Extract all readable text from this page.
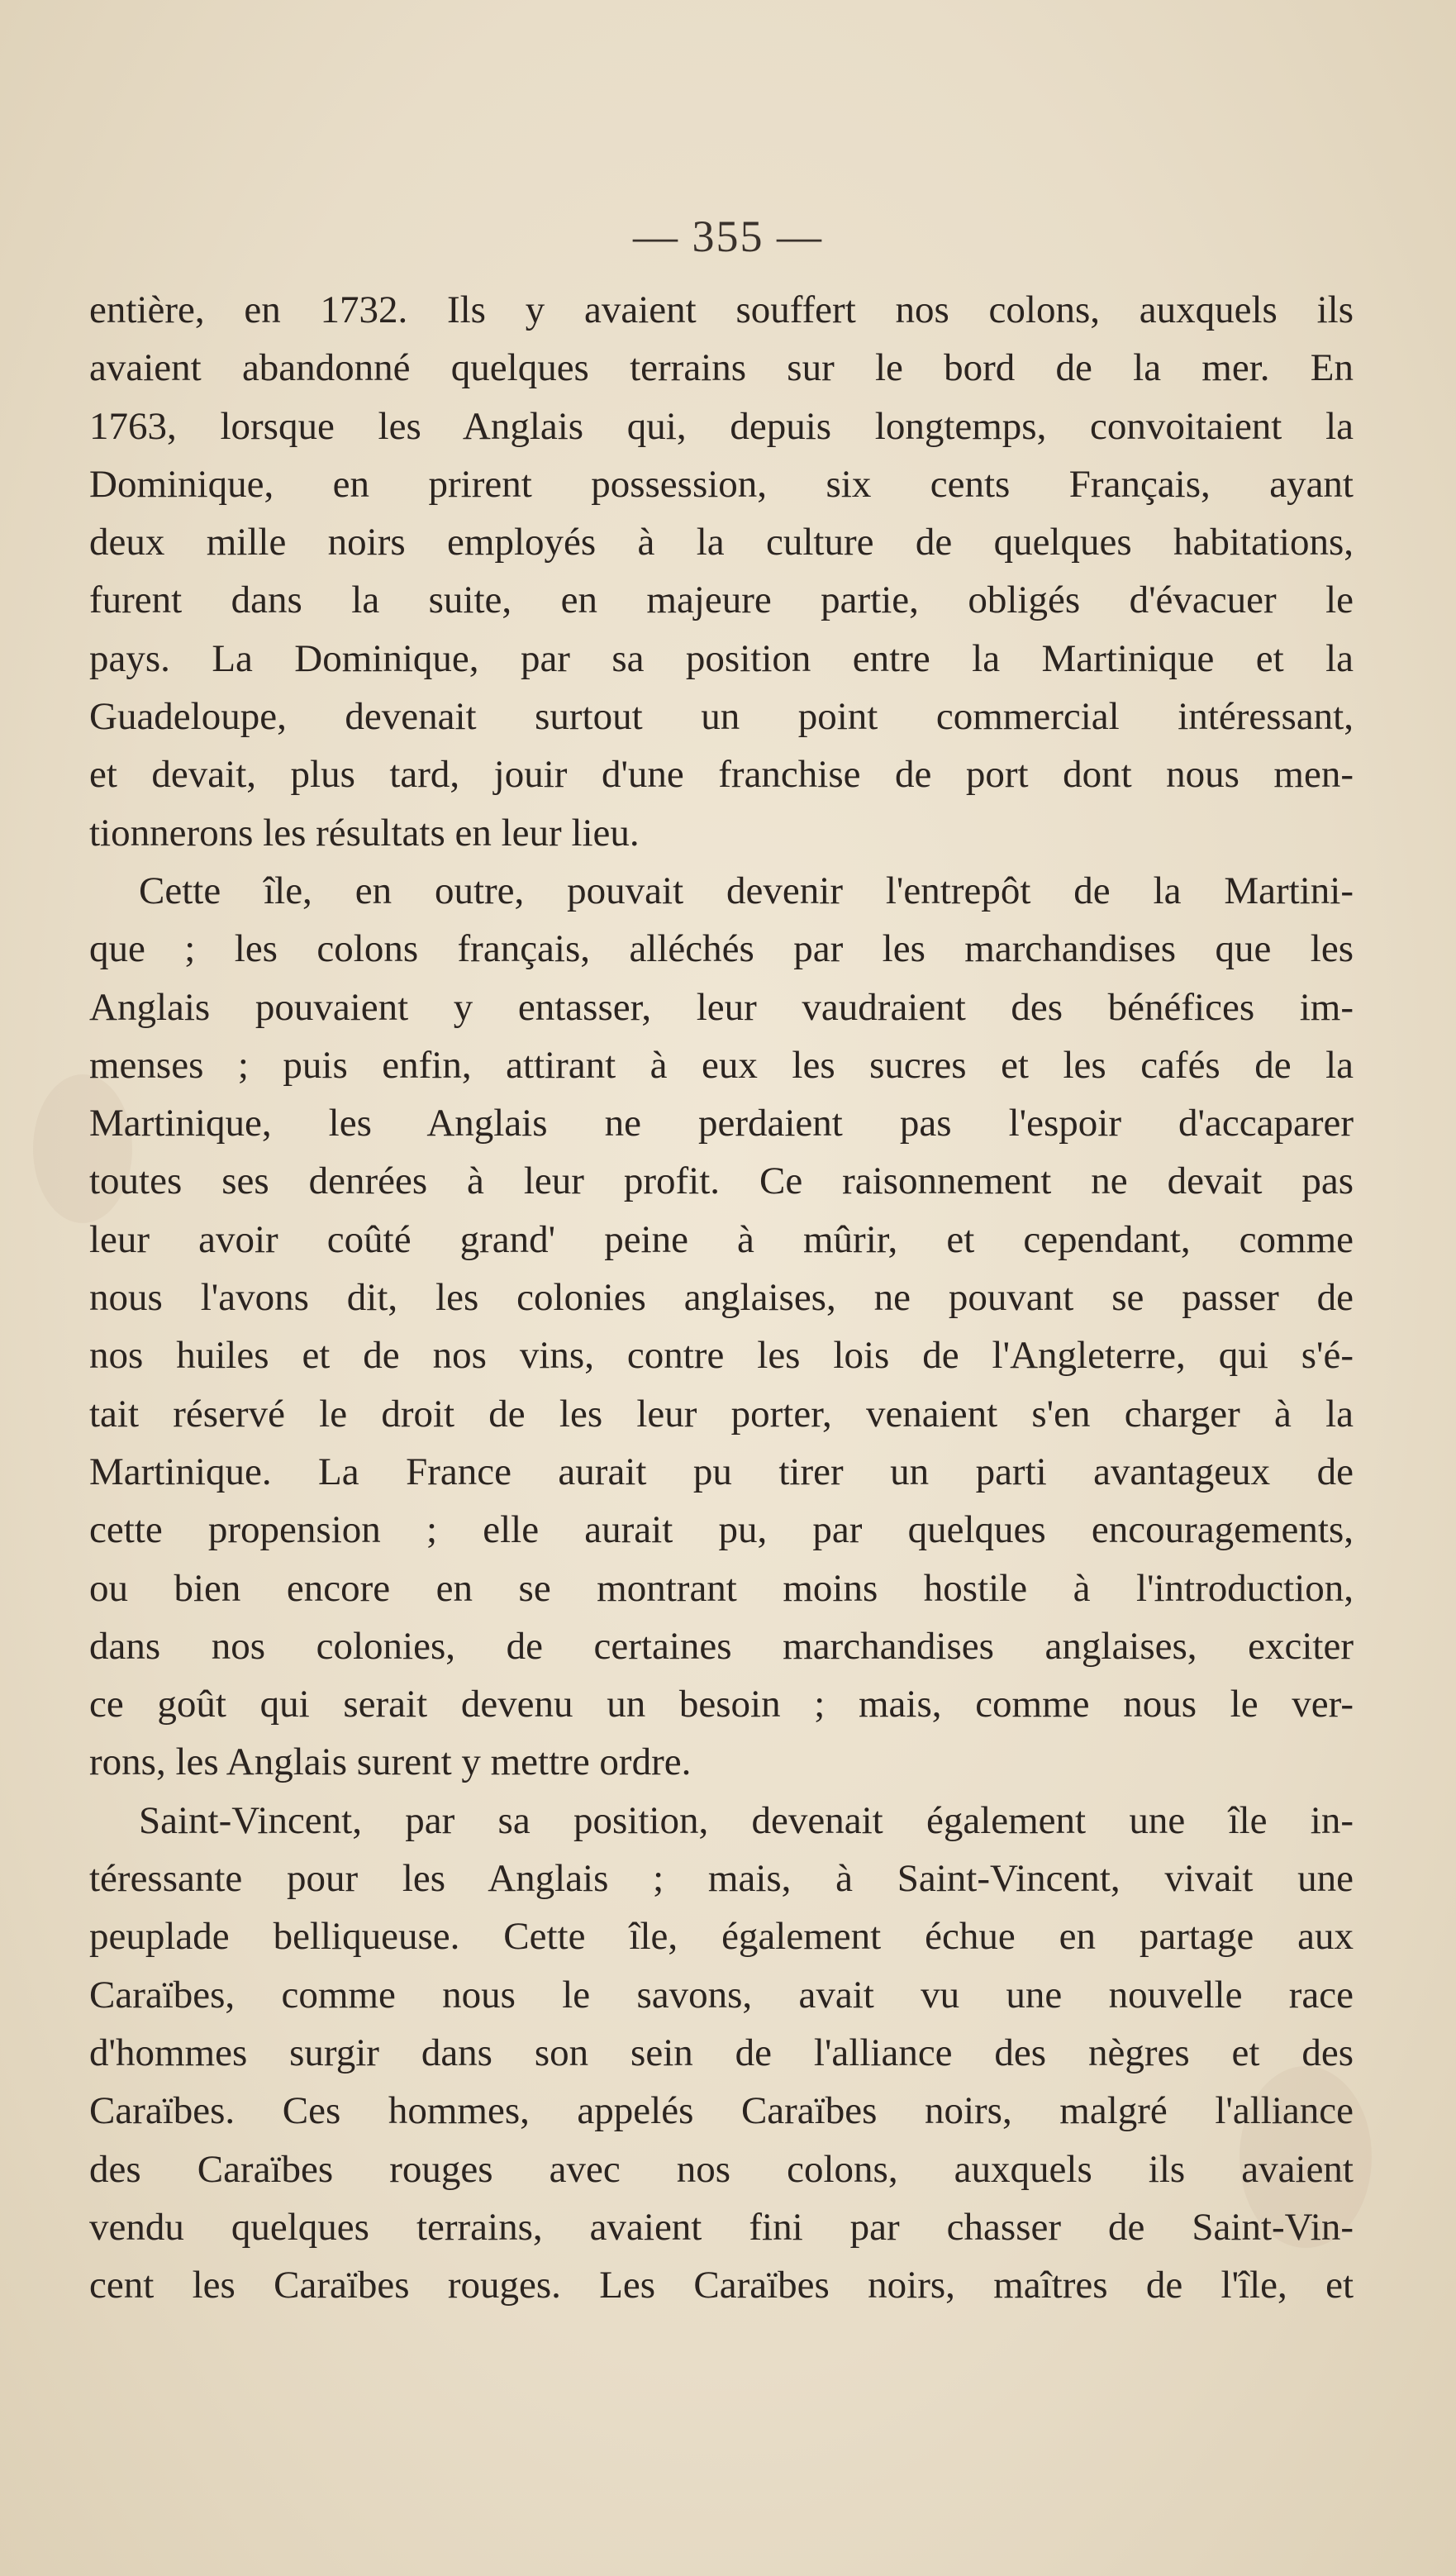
— 355 —
entière, en 1732. Ils y avaient souffert nos colons, auxquels ils
avaient abandonné quelques terrains sur le bord de la mer. En
1763, lorsque les Anglais qui, depuis longtemps, convoitaient la
Dominique, en prirent possession, six cents Français, ayant
deux mille noirs employés à la culture de quelques habitations,
furent dans la suite, en majeure partie, obligés d'évacuer le
pays. La Dominique, par sa position entre la Martinique et la
Guadeloupe, devenait surtout un point commercial intéressant,
et devait, plus tard, jouir d'une franchise de port dont nous men-
tionnerons les résultats en leur lieu.
Cette île, en outre, pouvait devenir l'entrepôt de la Martini-
que ; les colons français, alléchés par les marchandises que les
Anglais pouvaient y entasser, leur vaudraient des bénéfices im-
menses ; puis enfin, attirant à eux les sucres et les cafés de la
Martinique, les Anglais ne perdaient pas l'espoir d'accaparer
toutes ses denrées à leur profit. Ce raisonnement ne devait pas
leur avoir coûté grand' peine à mûrir, et cependant, comme
nous l'avons dit, les colonies anglaises, ne pouvant se passer de
nos huiles et de nos vins, contre les lois de l'Angleterre, qui s'é-
tait réservé le droit de les leur porter, venaient s'en charger à la
Martinique. La France aurait pu tirer un parti avantageux de
cette propension ; elle aurait pu, par quelques encouragements,
ou bien encore en se montrant moins hostile à l'introduction,
dans nos colonies, de certaines marchandises anglaises, exciter
ce goût qui serait devenu un besoin ; mais, comme nous le ver-
rons, les Anglais surent y mettre ordre.
Saint-Vincent, par sa position, devenait également une île in-
téressante pour les Anglais ; mais, à Saint-Vincent, vivait une
peuplade belliqueuse. Cette île, également échue en partage aux
Caraïbes, comme nous le savons, avait vu une nouvelle race
d'hommes surgir dans son sein de l'alliance des nègres et des
Caraïbes. Ces hommes, appelés Caraïbes noirs, malgré l'alliance
des Caraïbes rouges avec nos colons, auxquels ils avaient
vendu quelques terrains, avaient fini par chasser de Saint-Vin-
cent les Caraïbes rouges. Les Caraïbes noirs, maîtres de l'île, et
